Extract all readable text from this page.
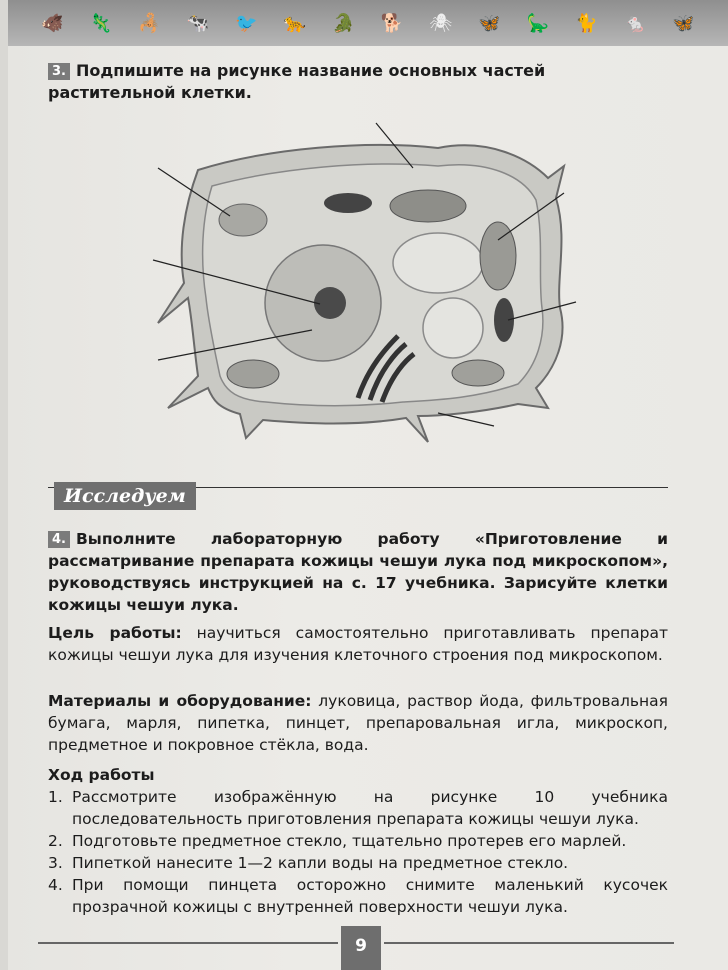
🐗 🦎 🦂 🐄 🐦 🐆 🐊 🐕 🕷 🦋 🦕 🐈 🐁 🦋
3. Подпишите на рисунке название основных частей растительной клетки.
Исследуем
4. Выполните лабораторную работу «Приготовление и рассматривание препарата кожицы чешуи лука под микроскопом», руководствуясь инструкцией на с. 17 учебника. Зарисуйте клетки кожицы чешуи лука.
Цель работы: научиться самостоятельно приготавливать препарат кожицы чешуи лука для изучения клеточного строения под микроскопом.
Материалы и оборудование: луковица, раствор йода, фильтровальная бумага, марля, пипетка, пинцет, препаровальная игла, микроскоп, предметное и покровное стёкла, вода.
Ход работы
1. Рассмотрите изображённую на рисунке 10 учебника последовательность приготовления препарата кожицы чешуи лука.
2. Подготовьте предметное стекло, тщательно протерев его марлей.
3. Пипеткой нанесите 1—2 капли воды на предметное стекло.
4. При помощи пинцета осторожно снимите маленький кусочек прозрачной кожицы с внутренней поверхности чешуи лука.
9
